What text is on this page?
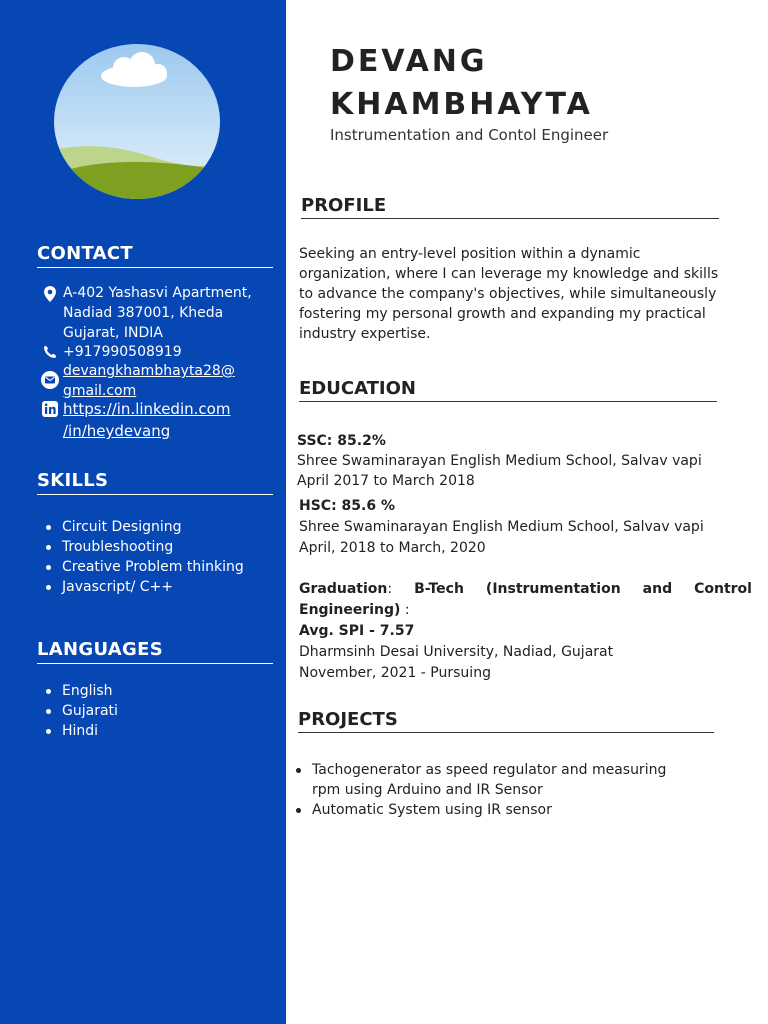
CONTACT
A-402 Yashasvi Apartment,
Nadiad 387001, Kheda
Gujarat, INDIA
+917990508919
devangkhambhayta28@
gmail.com
https://in.linkedin.com
/in/heydevang
SKILLS
Circuit Designing
Troubleshooting
Creative Problem thinking
Javascript/ C++
LANGUAGES
English
Gujarati
Hindi
DEVANG
KHAMBHAYTA
Instrumentation and Contol Engineer
PROFILE
Seeking an entry-level position within a dynamic
organization, where I can leverage my knowledge and skills
to advance the company's objectives, while simultaneously
fostering my personal growth and expanding my practical
industry expertise.
EDUCATION
SSC: 85.2%
Shree Swaminarayan English Medium School, Salvav vapi
April 2017 to March 2018
HSC: 85.6 %
Shree Swaminarayan English Medium School, Salvav vapi
April, 2018 to March, 2020
Graduation: B-Tech (Instrumentation and Control
Engineering) :
Avg. SPI - 7.57
Dharmsinh Desai University, Nadiad, Gujarat
November, 2021 - Pursuing
PROJECTS
Tachogenerator as speed regulator and measuring
rpm using Arduino and IR Sensor
Automatic System using IR sensor
